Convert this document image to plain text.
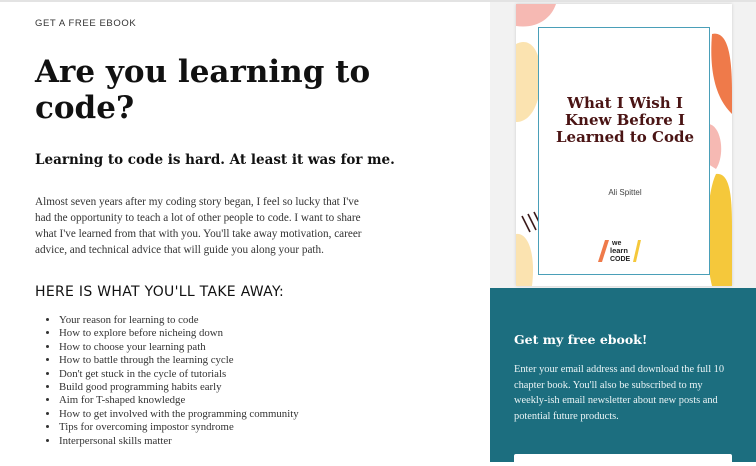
GET A FREE EBOOK
Are you learning to code?
Learning to code is hard. At least it was for me.

Almost seven years after my coding story began, I feel so lucky that I've had the opportunity to teach a lot of other people to code. I want to share what I've learned from that with you. You'll take away motivation, career advice, and technical advice that will guide you along your path.

HERE IS WHAT YOU'LL TAKE AWAY:
• Your reason for learning to code
• How to explore before nicheing down
• How to choose your learning path
• How to battle through the learning cycle
• Don't get stuck in the cycle of tutorials
• Build good programming habits early
• Aim for T-shaped knowledge
• How to get involved with the programming community
• Tips for overcoming impostor syndrome
• Interpersonal skills matter
What I Wish I Knew Before I Learned to Code
Ali Spittel
we
learn
CODE
Get my free ebook!

Enter your email address and download the full 10 chapter book. You'll also be subscribed to my weekly-ish email newsletter about new posts and potential future products.
